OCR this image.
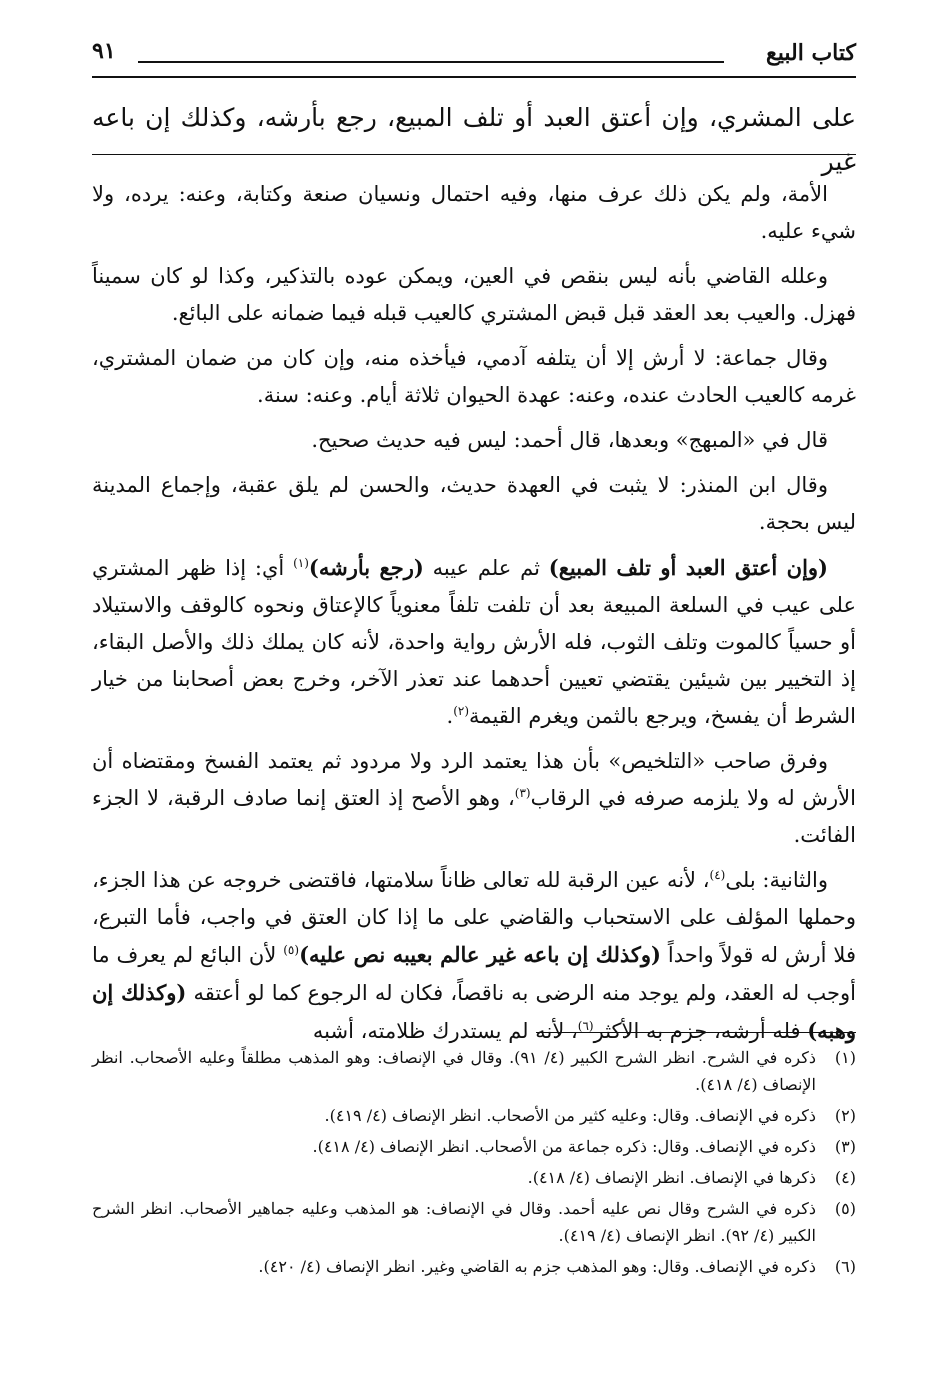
كتاب البيع
٩١
على المشري، وإن أعتق العبد أو تلف المبيع، رجع بأرشه، وكذلك إن باعه غير

الأمة، ولم يكن ذلك عرف منها، وفيه احتمال ونسيان صنعة وكتابة، وعنه: يرده، ولا شيء عليه.

وعلله القاضي بأنه ليس بنقص في العين، ويمكن عوده بالتذكير، وكذا لو كان سميناً فهزل. والعيب بعد العقد قبل قبض المشتري كالعيب قبله فيما ضمانه على البائع.

وقال جماعة: لا أرش إلا أن يتلفه آدمي، فيأخذه منه، وإن كان من ضمان المشتري، غرمه كالعيب الحادث عنده، وعنه: عهدة الحيوان ثلاثة أيام. وعنه: سنة.

قال في «المبهج» وبعدها، قال أحمد: ليس فيه حديث صحيح.

وقال ابن المنذر: لا يثبت في العهدة حديث، والحسن لم يلق عقبة، وإجماع المدينة ليس بحجة.

(وإن أعتق العبد أو تلف المبيع) ثم علم عيبه (رجع بأرشه)$^{(١)}$ أي: إذا ظهر المشتري على عيب في السلعة المبيعة بعد أن تلفت تلفاً معنوياً كالإعتاق ونحوه كالوقف والاستيلاد أو حسياً كالموت وتلف الثوب، فله الأرش رواية واحدة، لأنه كان يملك ذلك والأصل البقاء، إذ التخيير بين شيئين يقتضي تعيين أحدهما عند تعذر الآخر، وخرج بعض أصحابنا من خيار الشرط أن يفسخ، ويرجع بالثمن ويغرم القيمة$^{(٢)}$.

وفرق صاحب «التلخيص» بأن هذا يعتمد الرد ولا مردود ثم يعتمد الفسخ ومقتضاه أن الأرش له ولا يلزمه صرفه في الرقاب$^{(٣)}$، وهو الأصح إذ العتق إنما صادف الرقبة، لا الجزء الفائت.

والثانية: بلى$^{(٤)}$، لأنه عين الرقبة لله تعالى ظاناً سلامتها، فاقتضى خروجه عن هذا الجزء، وحملها المؤلف على الاستحباب والقاضي على ما إذا كان العتق في واجب، فأما التبرع، فلا أرش له قولاً واحداً (وكذلك إن باعه غير عالم بعيبه نص عليه)$^{(٥)}$ لأن البائع لم يعرف ما أوجب له العقد، ولم يوجد منه الرضى به ناقصاً، فكان له الرجوع كما لو أعتقه (وكذلك إن وهبه) فله أرشه، جزم به الأكثر$^{(٦)}$، لأنه لم يستدرك ظلامته، أشبه

(١)
ذكره في الشرح. انظر الشرح الكبير (٤/ ٩١). وقال في الإنصاف: وهو المذهب مطلقاً وعليه الأصحاب. انظر الإنصاف (٤/ ٤١٨).
(٢)
ذكره في الإنصاف. وقال: وعليه كثير من الأصحاب. انظر الإنصاف (٤/ ٤١٩).
(٣)
ذكره في الإنصاف. وقال: ذكره جماعة من الأصحاب. انظر الإنصاف (٤/ ٤١٨).
(٤)
ذكرها في الإنصاف. انظر الإنصاف (٤/ ٤١٨).
(٥)
ذكره في الشرح وقال نص عليه أحمد. وقال في الإنصاف: هو المذهب وعليه جماهير الأصحاب. انظر الشرح الكبير (٤/ ٩٢). انظر الإنصاف (٤/ ٤١٩).
(٦)
ذكره في الإنصاف. وقال: وهو المذهب جزم به القاضي وغير. انظر الإنصاف (٤/ ٤٢٠).
